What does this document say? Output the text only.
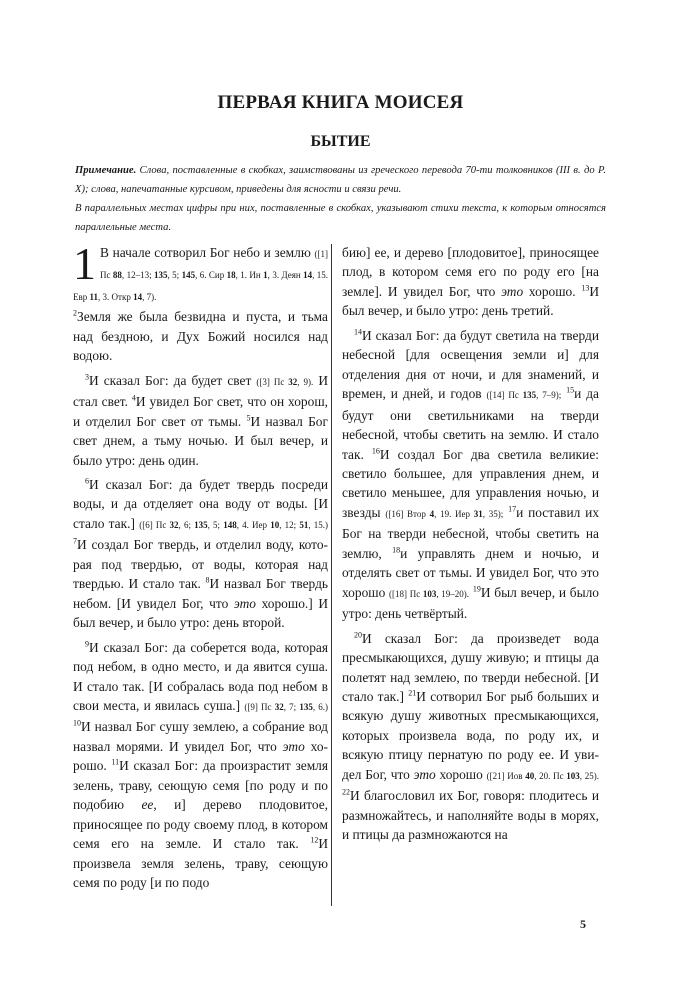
ПЕРВАЯ КНИГА МОИСЕЯ
БЫТИЕ

Примечание. Слова, поставленные в скобках, заимствованы из греческого перевода 70-ти толковников (III в. до Р. Х); слова, напечатанные курсивом, приведены для ясности и связи речи.

В параллельных местах цифры при них, поставленные в скобках, указывают стихи текста, к которым относятся параллельные места.

1 В начале сотворил Бог небо и землю ([1] Пс 88, 12–13; 135, 5; 145, 6. Сир 18, 1. Ин 1, 3. Деян 14, 15. Евр 11, 3. Откр 14, 7).
$^2$Земля же была безвидна и пуста, и тьма над бездною, и Дух Божий носился над водою.

$^3$И сказал Бог: да будет свет ([3] Пс 32, 9). И стал свет. $^4$И увидел Бог свет, что он хорош, и отделил Бог свет от тьмы. $^5$И назвал Бог свет днем, а тьму ночью. И был вечер, и было утро: день один.

$^6$И сказал Бог: да будет твердь посреди воды, и да отделяет она воду от воды. [И стало так.] ([6] Пс 32, 6; 135, 5; 148, 4. Иер 10, 12; 51, 15.) $^7$И создал Бог твердь, и отделил воду, которая под твердью, от воды, которая над твердью. И стало так. $^8$И назвал Бог твердь небом. [И увидел Бог, что это хорошо.] И был вечер, и было утро: день второй.

$^9$И сказал Бог: да соберется вода, которая под небом, в одно место, и да явится суша. И стало так. [И собралась вода под небом в свои места, и явилась суша.] ([9] Пс 32, 7; 135, 6.) $^{10}$И назвал Бог сушу землею, а собрание вод назвал морями. И увидел Бог, что это хорошо. $^{11}$И сказал Бог: да произрастит земля зелень, траву, сеющую семя [по роду и по подобию ее, и] дерево плодовитое, приносящее по роду своему плод, в котором семя его на земле. И стало так. $^{12}$И произвела земля зелень, траву, сеющую семя по роду [и по подо

бию] ее, и дерево [плодовитое], приносящее плод, в котором семя его по роду его [на земле]. И увидел Бог, что это хорошо. $^{13}$И был вечер, и было утро: день третий.

$^{14}$И сказал Бог: да будут светила на тверди небесной [для освещения земли и] для отделения дня от ночи, и для знамений, и времен, и дней, и годов ([14] Пс 135, 7–9); $^{15}$и да будут они светильниками на тверди небесной, чтобы светить на землю. И стало так. $^{16}$И создал Бог два светила великие: светило большее, для управления днем, и светило меньшее, для управления ночью, и звезды ([16] Втор 4, 19. Иер 31, 35); $^{17}$и поставил их Бог на тверди небесной, чтобы светить на землю, $^{18}$и управлять днем и ночью, и отделять свет от тьмы. И увидел Бог, что это хорошо ([18] Пс 103, 19–20). $^{19}$И был вечер, и было утро: день четвёртый.

$^{20}$И сказал Бог: да произведет вода пресмыкающихся, душу живую; и птицы да полетят над землею, по тверди небесной. [И стало так.] $^{21}$И сотворил Бог рыб больших и всякую душу животных пресмыкающихся, которых произвела вода, по роду их, и всякую птицу пернатую по роду ее. И увидел Бог, что это хорошо ([21] Иов 40, 20. Пс 103, 25). $^{22}$И благословил их Бог, говоря: плодитесь и размножайтесь, и наполняйте воды в морях, и птицы да размножаются на

5
